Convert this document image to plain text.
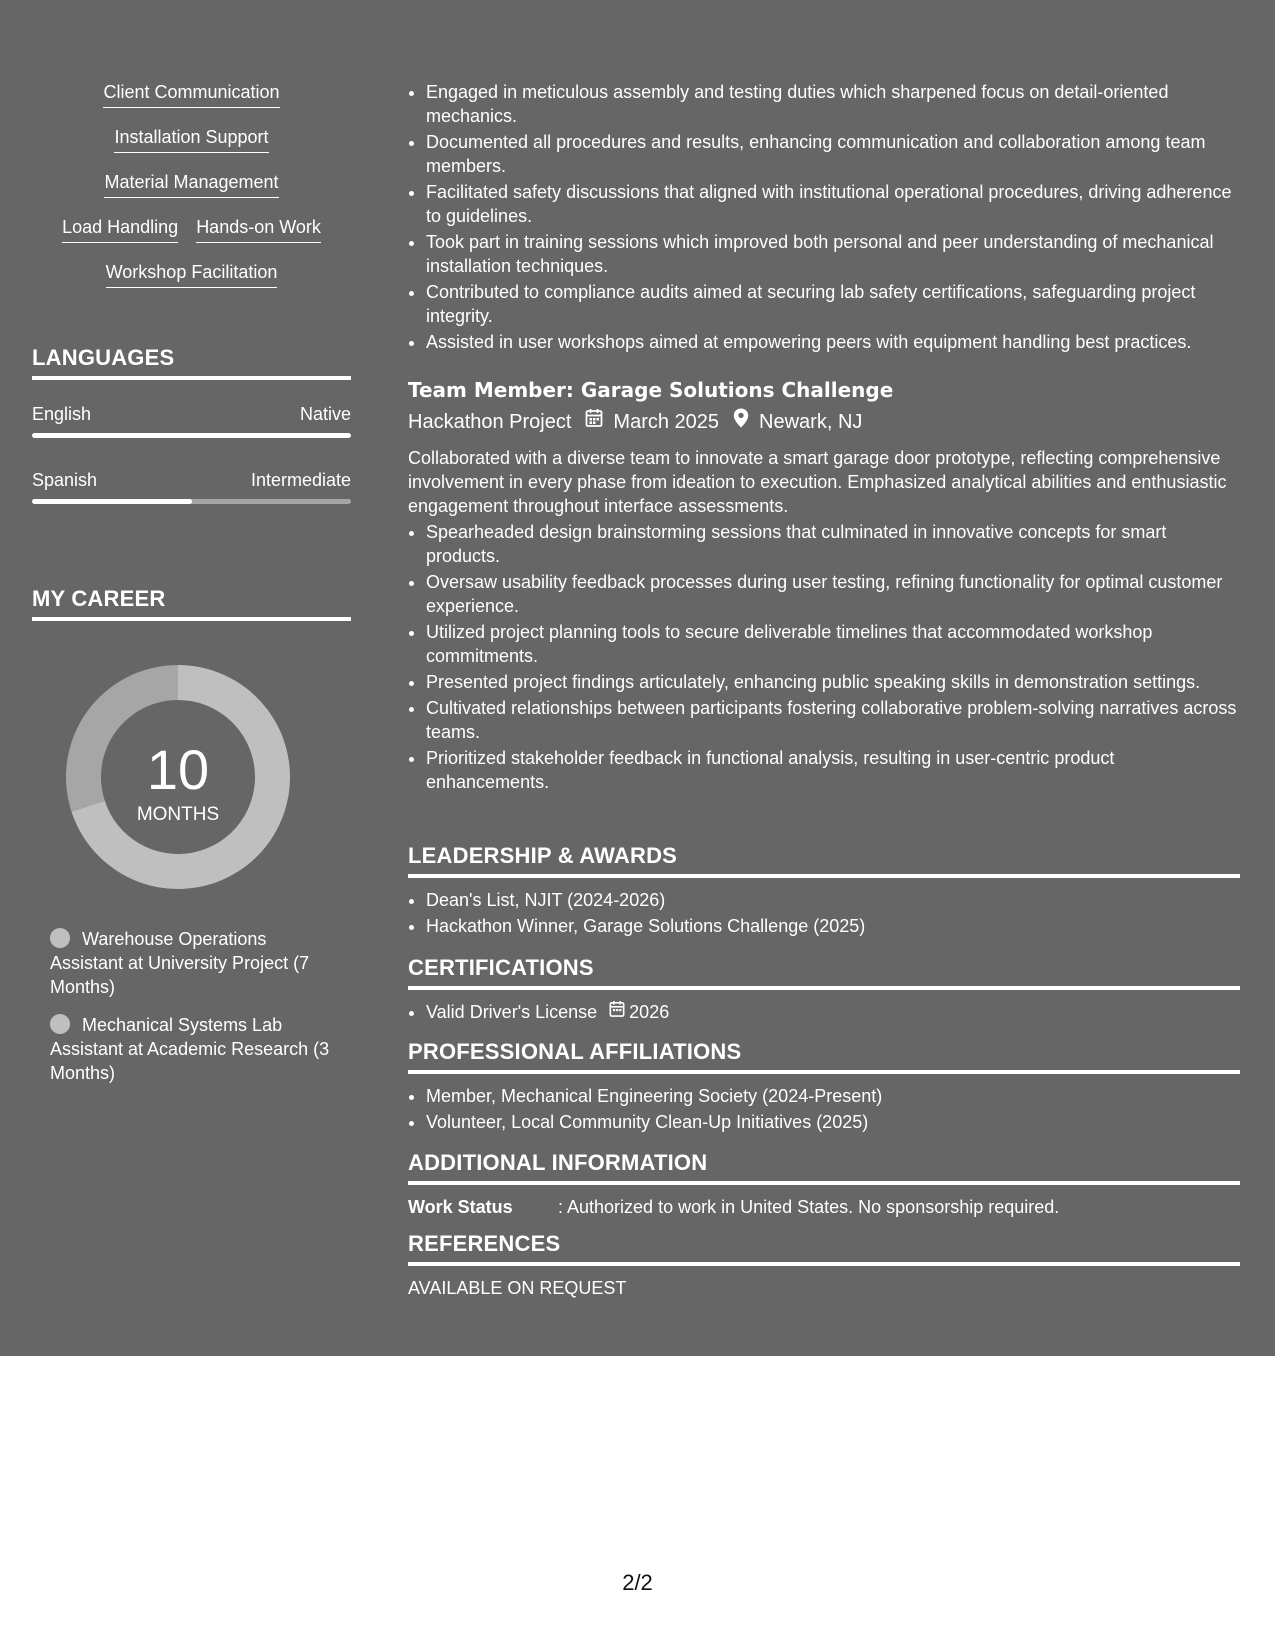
Client Communication
Installation Support
Material Management
Load Handling Hands-on Work
Workshop Facilitation
LANGUAGES
English	Native
Spanish	Intermediate
MY CAREER
10
MONTHS
Warehouse Operations Assistant at University Project (7 Months)
Mechanical Systems Lab Assistant at Academic Research (3 Months)
• Engaged in meticulous assembly and testing duties which sharpened focus on detail-oriented mechanics.
• Documented all procedures and results, enhancing communication and collaboration among team members.
• Facilitated safety discussions that aligned with institutional operational procedures, driving adherence to guidelines.
• Took part in training sessions which improved both personal and peer understanding of mechanical installation techniques.
• Contributed to compliance audits aimed at securing lab safety certifications, safeguarding project integrity.
• Assisted in user workshops aimed at empowering peers with equipment handling best practices.
Team Member: Garage Solutions Challenge
Hackathon Project March 2025 Newark, NJ
Collaborated with a diverse team to innovate a smart garage door prototype, reflecting comprehensive involvement in every phase from ideation to execution. Emphasized analytical abilities and enthusiastic engagement throughout interface assessments.
• Spearheaded design brainstorming sessions that culminated in innovative concepts for smart products.
• Oversaw usability feedback processes during user testing, refining functionality for optimal customer experience.
• Utilized project planning tools to secure deliverable timelines that accommodated workshop commitments.
• Presented project findings articulately, enhancing public speaking skills in demonstration settings.
• Cultivated relationships between participants fostering collaborative problem-solving narratives across teams.
• Prioritized stakeholder feedback in functional analysis, resulting in user-centric product enhancements.
LEADERSHIP & AWARDS
• Dean's List, NJIT (2024-2026)
• Hackathon Winner, Garage Solutions Challenge (2025)
CERTIFICATIONS
• Valid Driver's License 2026
PROFESSIONAL AFFILIATIONS
• Member, Mechanical Engineering Society (2024-Present)
• Volunteer, Local Community Clean-Up Initiatives (2025)
ADDITIONAL INFORMATION
Work Status	: Authorized to work in United States. No sponsorship required.
REFERENCES
AVAILABLE ON REQUEST
2/2
